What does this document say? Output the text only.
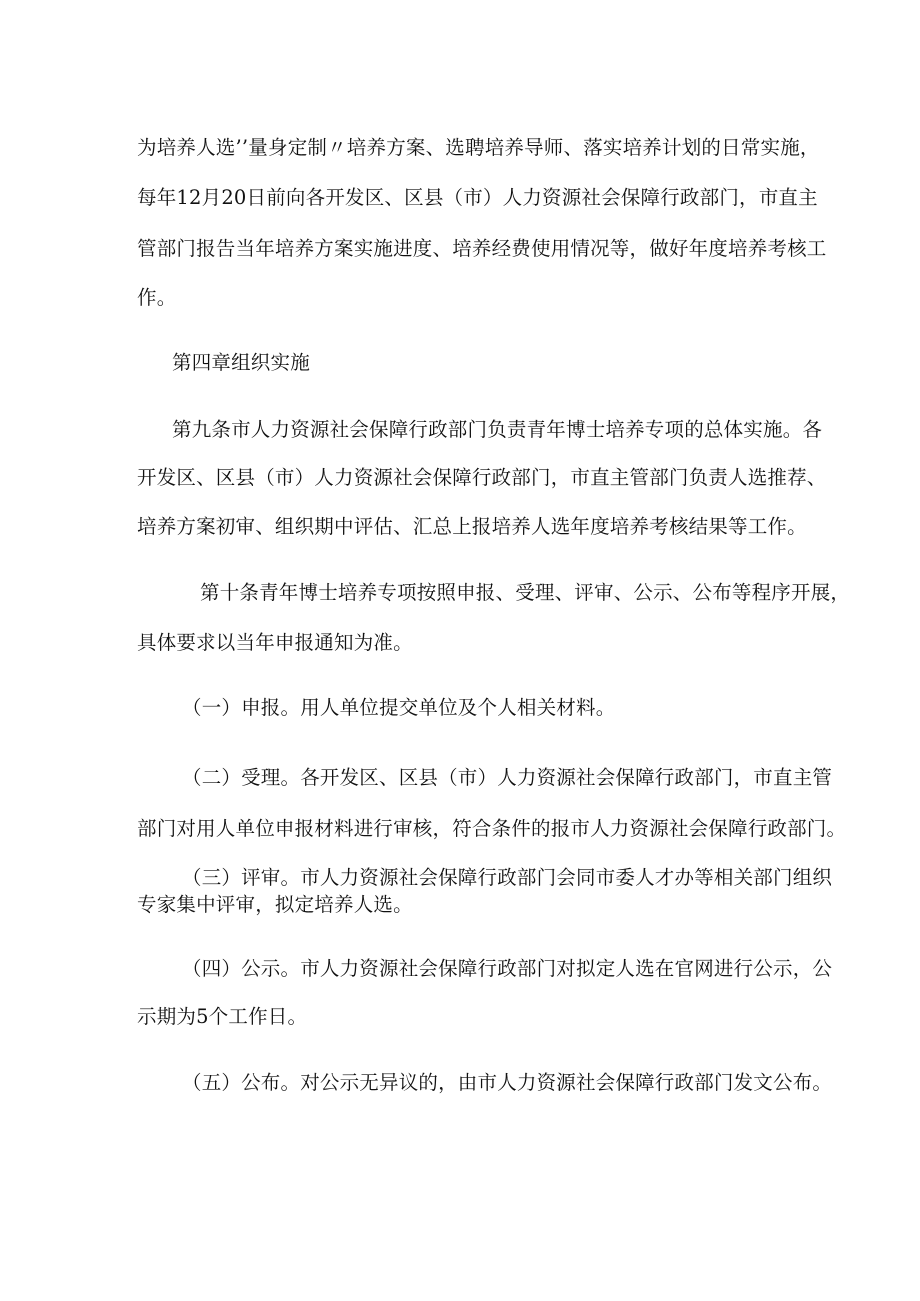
为培养人选’’量身定制〃培养方案、选聘培养导师、落实培养计划的日常实施，
每年12月20日前向各开发区、区县（市）人力资源社会保障行政部门，市直主
管部门报告当年培养方案实施进度、培养经费使用情况等，做好年度培养考核工
作。
第四章组织实施
第九条市人力资源社会保障行政部门负责青年博士培养专项的总体实施。各
开发区、区县（市）人力资源社会保障行政部门，市直主管部门负责人选推荐、
培养方案初审、组织期中评估、汇总上报培养人选年度培养考核结果等工作。
第十条青年博士培养专项按照申报、受理、评审、公示、公布等程序开展，
具体要求以当年申报通知为准。
（一）申报。用人单位提交单位及个人相关材料。
（二）受理。各开发区、区县（市）人力资源社会保障行政部门，市直主管
部门对用人单位申报材料进行审核，符合条件的报市人力资源社会保障行政部门。
（三）评审。市人力资源社会保障行政部门会同市委人才办等相关部门组织
专家集中评审，拟定培养人选。
（四）公示。市人力资源社会保障行政部门对拟定人选在官网进行公示，公
示期为5个工作日。
（五）公布。对公示无异议的，由市人力资源社会保障行政部门发文公布。
